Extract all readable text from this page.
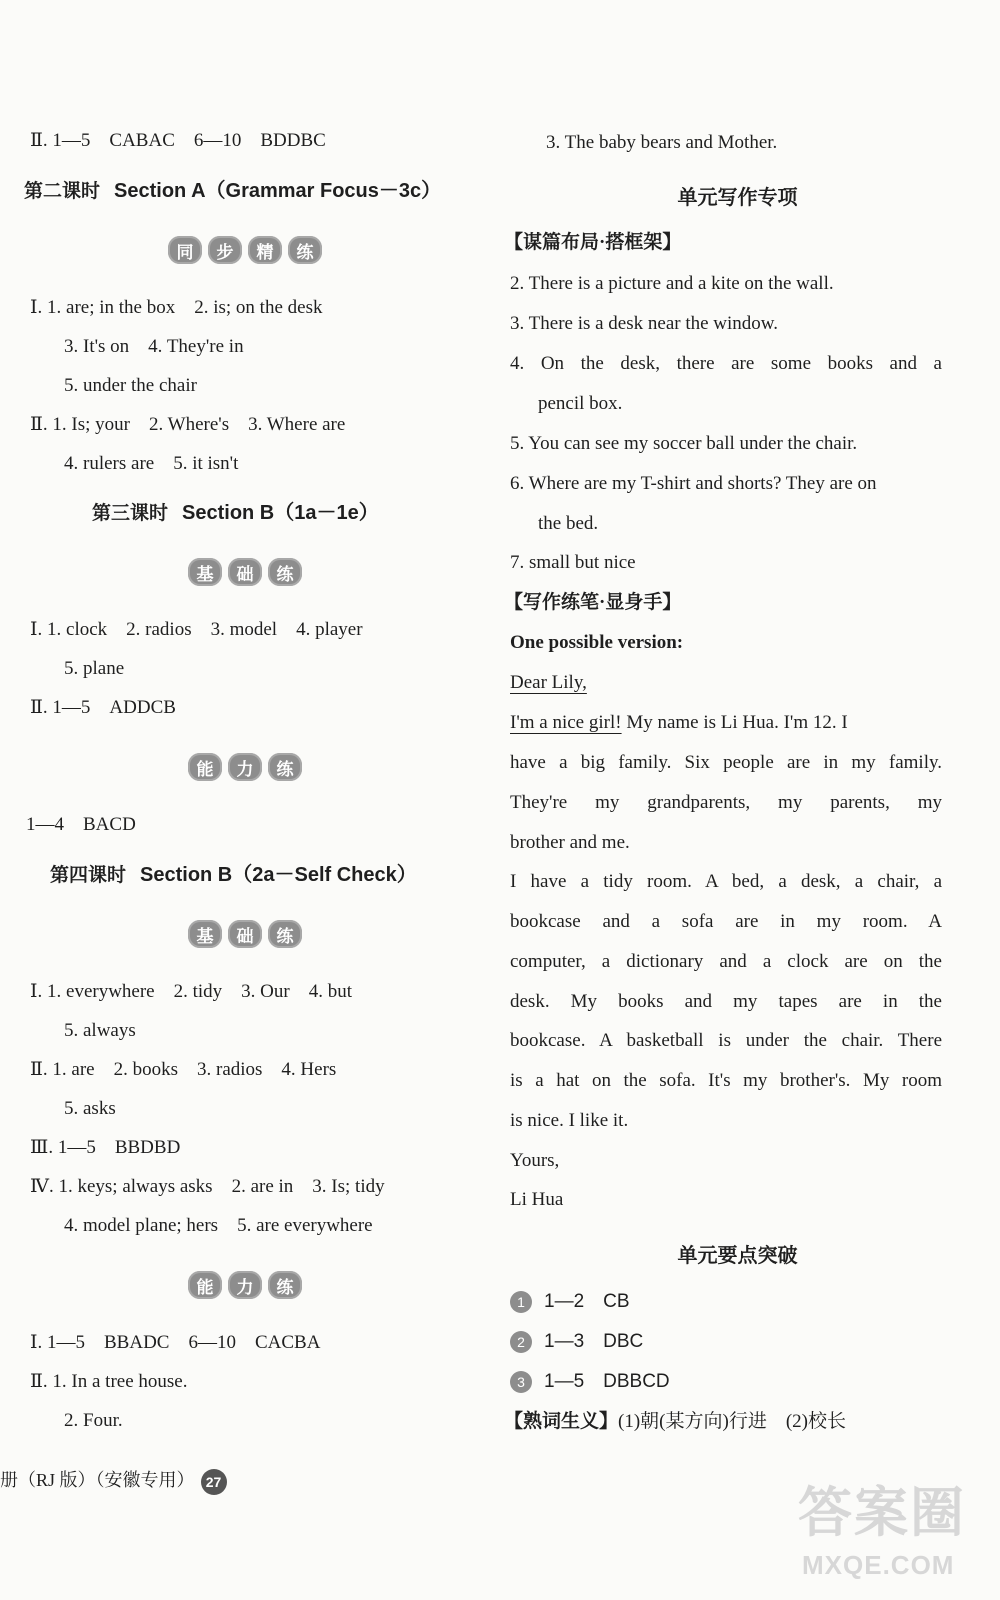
Ⅱ. 1—5　CABAC　6—10　BDDBC
第二课时 Section A（Grammar Focus－3c）
同	步	精	练
Ⅰ. 1. are; in the box　2. is; on the desk
3. It's on　4. They're in
5. under the chair
Ⅱ. 1. Is; your　2. Where's　3. Where are
4. rulers are　5. it isn't
第三课时 Section B（1a－1e）
基	础	练
Ⅰ. 1. clock　2. radios　3. model　4. player
5. plane
Ⅱ. 1—5　ADDCB
能	力	练
1—4　BACD
第四课时 Section B（2a－Self Check）
基	础	练
Ⅰ. 1. everywhere　2. tidy　3. Our　4. but
5. always
Ⅱ. 1. are　2. books　3. radios　4. Hers
5. asks
Ⅲ. 1—5　BBDBD
Ⅳ. 1. keys; always asks　2. are in　3. Is; tidy
4. model plane; hers　5. are everywhere
能	力	练
Ⅰ. 1—5　BBADC　6—10　CACBA
Ⅱ. 1. In a tree house.
2. Four.
册（RJ 版）（安徽专用） 27
3. The baby bears and Mother.
单元写作专项
【谋篇布局·搭框架】
2. There is a picture and a kite on the wall.
3. There is a desk near the window.
4. On the desk, there are some books and a
pencil box.
5. You can see my soccer ball under the chair.
6. Where are my T-shirt and shorts? They are on
the bed.
7. small but nice
【写作练笔·显身手】
One possible version:
Dear Lily,
I'm a nice girl! My name is Li Hua. I'm 12. I
have a big family. Six people are in my family.
They're my grandparents, my parents, my
brother and me.
I have a tidy room. A bed, a desk, a chair, a
bookcase and a sofa are in my room. A
computer, a dictionary and a clock are on the
desk. My books and my tapes are in the
bookcase. A basketball is under the chair. There
is a hat on the sofa. It's my brother's. My room
is nice. I like it.
Yours,
Li Hua
单元要点突破
1 1—2　CB
2 1—3　DBC
3 1—5　DBBCD
【熟词生义】(1)朝(某方向)行进　(2)校长
答案圈
MXQE.COM
